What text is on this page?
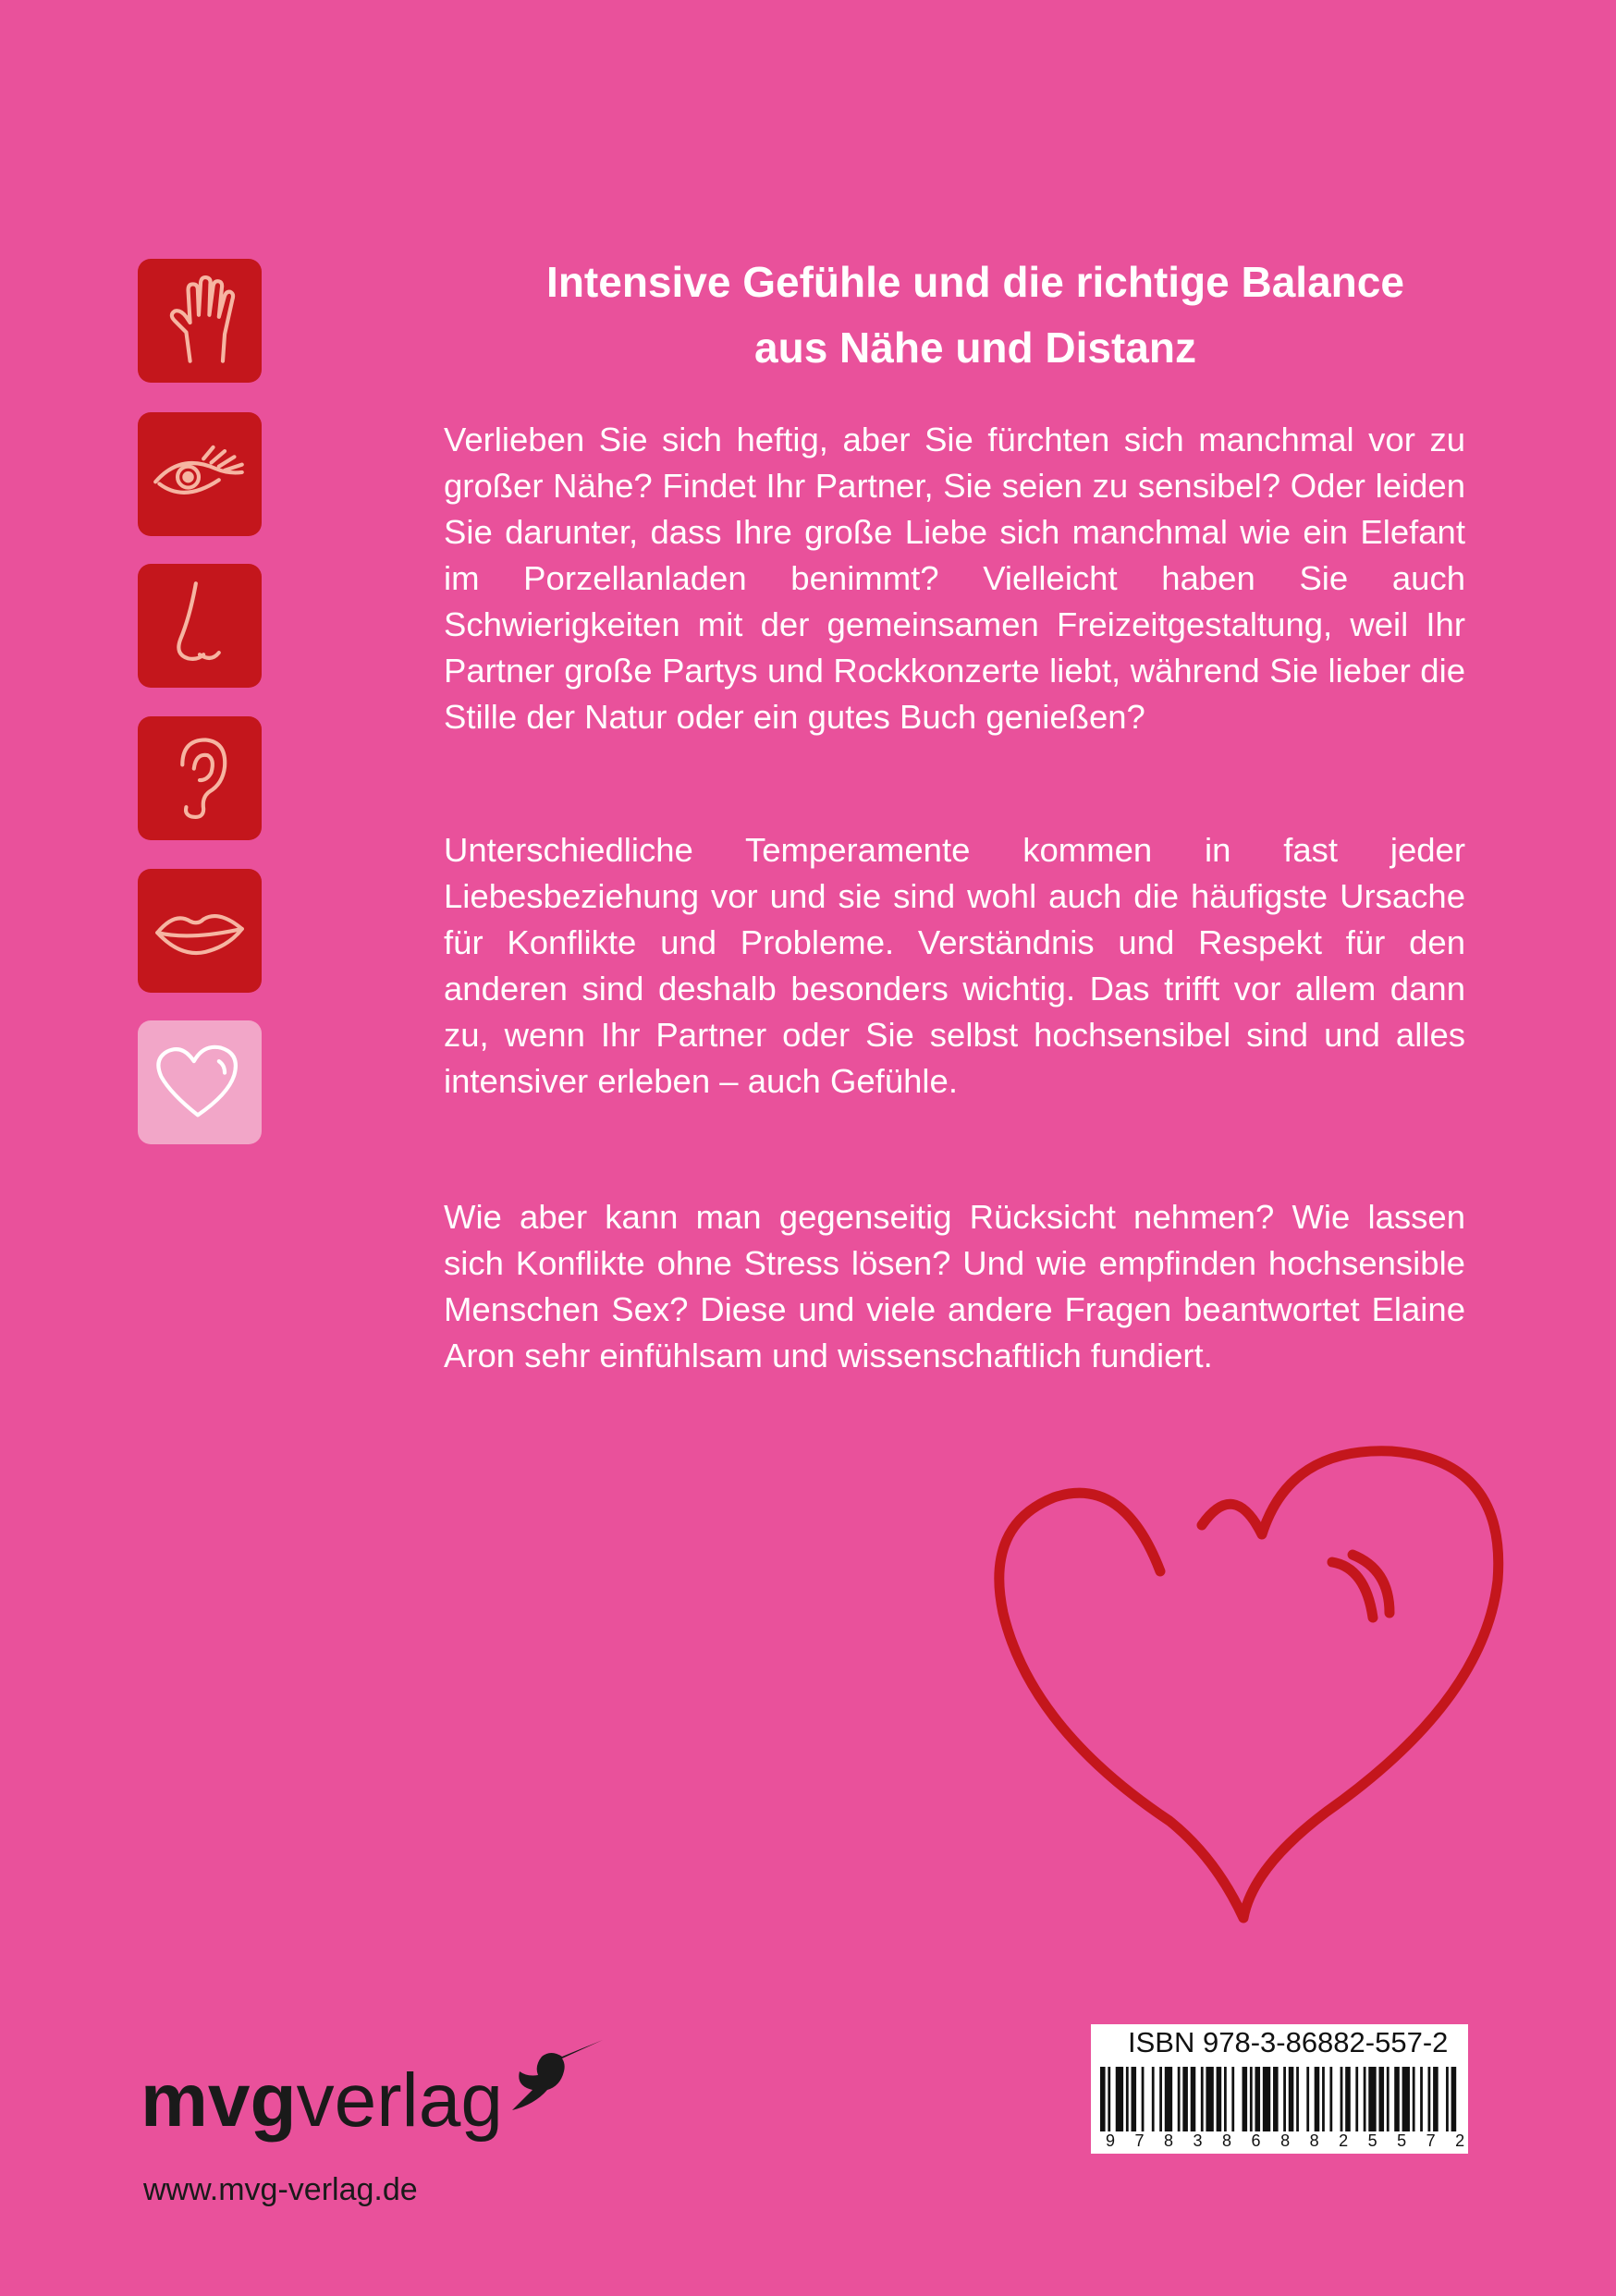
Intensive Gefühle und die richtige Balance
aus Nähe und Distanz

Verlieben Sie sich heftig, aber Sie fürchten sich manchmal vor zu großer Nähe? Findet Ihr Partner, Sie seien zu sensibel? Oder leiden Sie darunter, dass Ihre große Liebe sich manchmal wie ein Elefant im Porzellanladen benimmt? Vielleicht haben Sie auch Schwierigkeiten mit der gemeinsamen Freizeitgestaltung, weil Ihr Partner große Partys und Rockkonzerte liebt, während Sie lieber die Stille der Natur oder ein gutes Buch genießen?

Unterschiedliche Temperamente kommen in fast jeder Liebesbeziehung vor und sie sind wohl auch die häufigste Ursache für Konflikte und Probleme. Verständnis und Respekt für den anderen sind deshalb besonders wichtig. Das trifft vor allem dann zu, wenn Ihr Partner oder Sie selbst hochsensibel sind und alles intensiver erleben – auch Gefühle.

Wie aber kann man gegenseitig Rücksicht nehmen? Wie lassen sich Konflikte ohne Stress lösen? Und wie empfinden hochsensible Menschen Sex? Diese und viele andere Fragen beantwortet Elaine Aron sehr einfühlsam und wissenschaftlich fundiert.

ISBN 978-3-86882-557-2
9783868825572
mvgverlag
www.mvg-verlag.de
